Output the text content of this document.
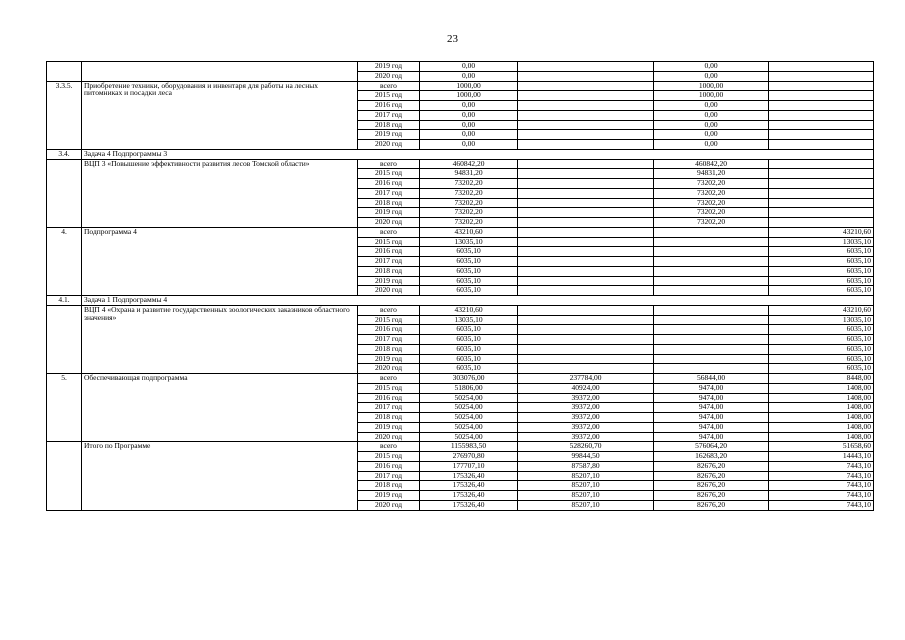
23
		2019 год	0,00		0,00	
		2020 год	0,00		0,00	
3.3.5.	Приобретение техники, оборудования и инвентаря для работы на лесных питомниках и посадки леса	всего	1000,00		1000,00	
		2015 год	1000,00		1000,00	
		2016 год	0,00		0,00	
		2017 год	0,00		0,00	
		2018 год	0,00		0,00	
		2019 год	0,00		0,00	
		2020 год	0,00		0,00	
3.4.	Задача 4 Подпрограммы 3					
	ВЦП 3 «Повышение эффективности развития лесов Томской области»	всего	460842,20		460842,20	
		2015 год	94831,20		94831,20	
		2016 год	73202,20		73202,20	
		2017 год	73202,20		73202,20	
		2018 год	73202,20		73202,20	
		2019 год	73202,20		73202,20	
		2020 год	73202,20		73202,20	
4.	Подпрограмма 4	всего	43210,60			43210,60
		2015 год	13035,10			13035,10
		2016 год	6035,10			6035,10
		2017 год	6035,10			6035,10
		2018 год	6035,10			6035,10
		2019 год	6035,10			6035,10
		2020 год	6035,10			6035,10
4.1.	Задача 1 Подпрограммы 4					
	ВЦП 4 «Охрана и развитие государственных зоологических заказников областного значения»	всего	43210,60			43210,60
		2015 год	13035,10			13035,10
		2016 год	6035,10			6035,10
		2017 год	6035,10			6035,10
		2018 год	6035,10			6035,10
		2019 год	6035,10			6035,10
		2020 год	6035,10			6035,10
5.	Обеспечивающая подпрограмма	всего	303076,00	237784,00	56844,00	8448,00
		2015 год	51806,00	40924,00	9474,00	1408,00
		2016 год	50254,00	39372,00	9474,00	1408,00
		2017 год	50254,00	39372,00	9474,00	1408,00
		2018 год	50254,00	39372,00	9474,00	1408,00
		2019 год	50254,00	39372,00	9474,00	1408,00
		2020 год	50254,00	39372,00	9474,00	1408,00
	Итого по Программе	всего	1155983,50	528260,70	576064,20	51658,60
		2015 год	276970,80	99844,50	162683,20	14443,10
		2016 год	177707,10	87587,80	82676,20	7443,10
		2017 год	175326,40	85207,10	82676,20	7443,10
		2018 год	175326,40	85207,10	82676,20	7443,10
		2019 год	175326,40	85207,10	82676,20	7443,10
		2020 год	175326,40	85207,10	82676,20	7443,10
